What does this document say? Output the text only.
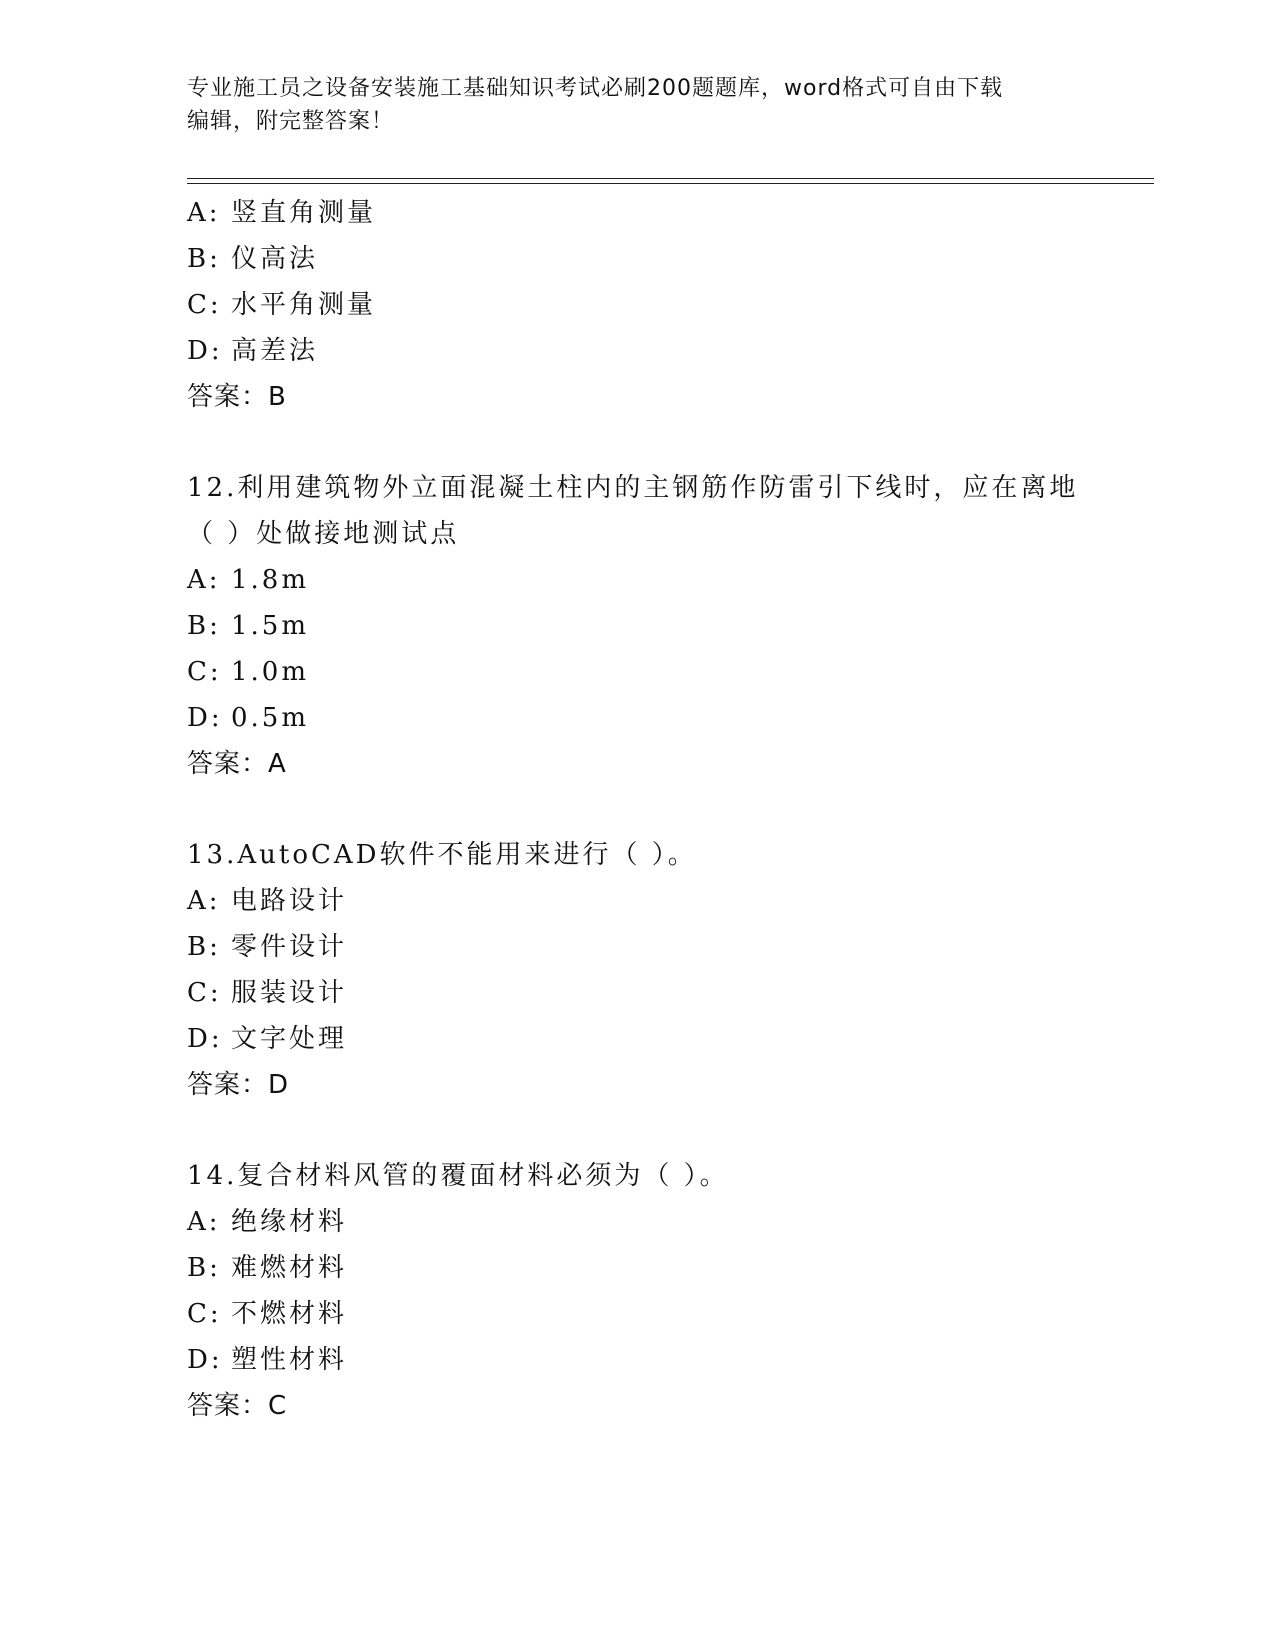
专业施工员之设备安装施工基础知识考试必刷200题题库，word格式可自由下载
编辑，附完整答案！
A: 竖直角测量
B: 仪高法
C: 水平角测量
D: 高差法
答案：B
12.利用建筑物外立面混凝土柱内的主钢筋作防雷引下线时，应在离地
（ ）处做接地测试点
A: 1.8m
B: 1.5m
C: 1.0m
D: 0.5m
答案：A
13.AutoCAD软件不能用来进行（ ）。
A: 电路设计
B: 零件设计
C: 服装设计
D: 文字处理
答案：D
14.复合材料风管的覆面材料必须为（ ）。
A: 绝缘材料
B: 难燃材料
C: 不燃材料
D: 塑性材料
答案：C
